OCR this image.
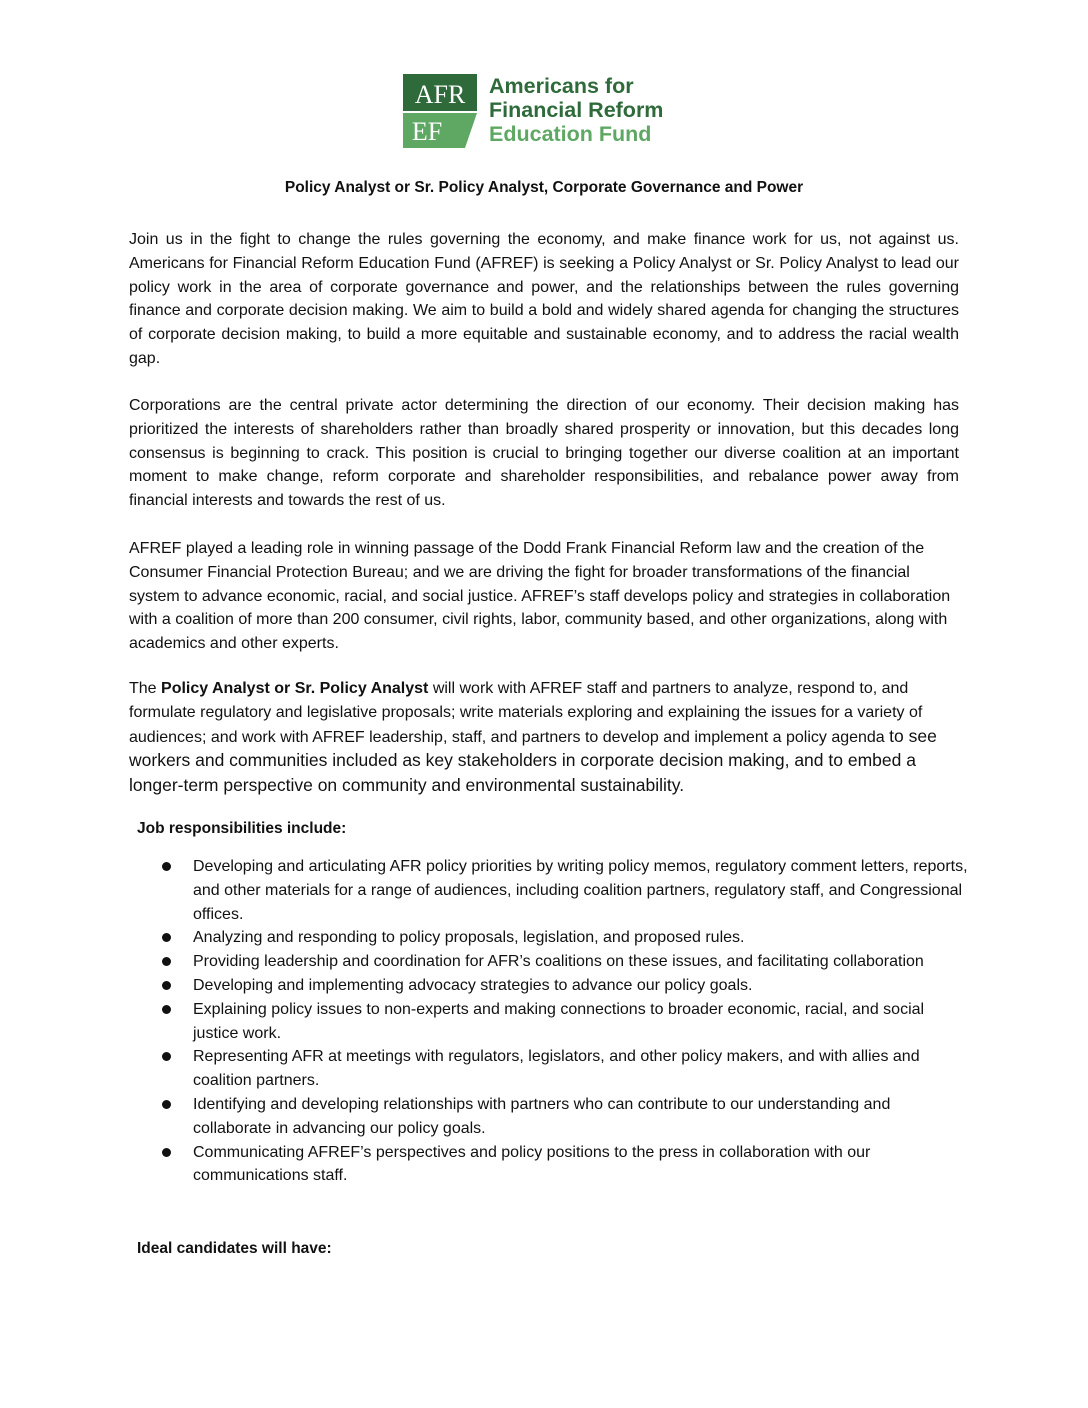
AFR
EF
Americans for
Financial Reform
Education Fund
Policy Analyst or Sr. Policy Analyst, Corporate Governance and Power
Join us in the fight to change the rules governing the economy, and make finance work for us, not against us. Americans for Financial Reform Education Fund (AFREF) is seeking a Policy Analyst or Sr. Policy Analyst to lead our policy work in the area of corporate governance and power, and the relationships between the rules governing finance and corporate decision making. We aim to build a bold and widely shared agenda for changing the structures of corporate decision making, to build a more equitable and sustainable economy, and to address the racial wealth gap.
Corporations are the central private actor determining the direction of our economy. Their decision making has prioritized the interests of shareholders rather than broadly shared prosperity or innovation, but this decades long consensus is beginning to crack. This position is crucial to bringing together our diverse coalition at an important moment to make change, reform corporate and shareholder responsibilities, and rebalance power away from financial interests and towards the rest of us.
AFREF played a leading role in winning passage of the Dodd Frank Financial Reform law and the creation of the Consumer Financial Protection Bureau; and we are driving the fight for broader transformations of the financial system to advance economic, racial, and social justice. AFREF’s staff develops policy and strategies in collaboration with a coalition of more than 200 consumer, civil rights, labor, community based, and other organizations, along with academics and other experts.
The Policy Analyst or Sr. Policy Analyst will work with AFREF staff and partners to analyze, respond to, and formulate regulatory and legislative proposals; write materials exploring and explaining the issues for a variety of audiences; and work with AFREF leadership, staff, and partners to develop and implement a policy agenda to see workers and communities included as key stakeholders in corporate decision making, and to embed a longer-term perspective on community and environmental sustainability.
Job responsibilities include:
Developing and articulating AFR policy priorities by writing policy memos, regulatory comment letters, reports, and other materials for a range of audiences, including coalition partners, regulatory staff, and Congressional offices.
Analyzing and responding to policy proposals, legislation, and proposed rules.
Providing leadership and coordination for AFR’s coalitions on these issues, and facilitating collaboration
Developing and implementing advocacy strategies to advance our policy goals.
Explaining policy issues to non-experts and making connections to broader economic, racial, and social justice work.
Representing AFR at meetings with regulators, legislators, and other policy makers, and with allies and coalition partners.
Identifying and developing relationships with partners who can contribute to our understanding and collaborate in advancing our policy goals.
Communicating AFREF’s perspectives and policy positions to the press in collaboration with our communications staff.
Ideal candidates will have:
